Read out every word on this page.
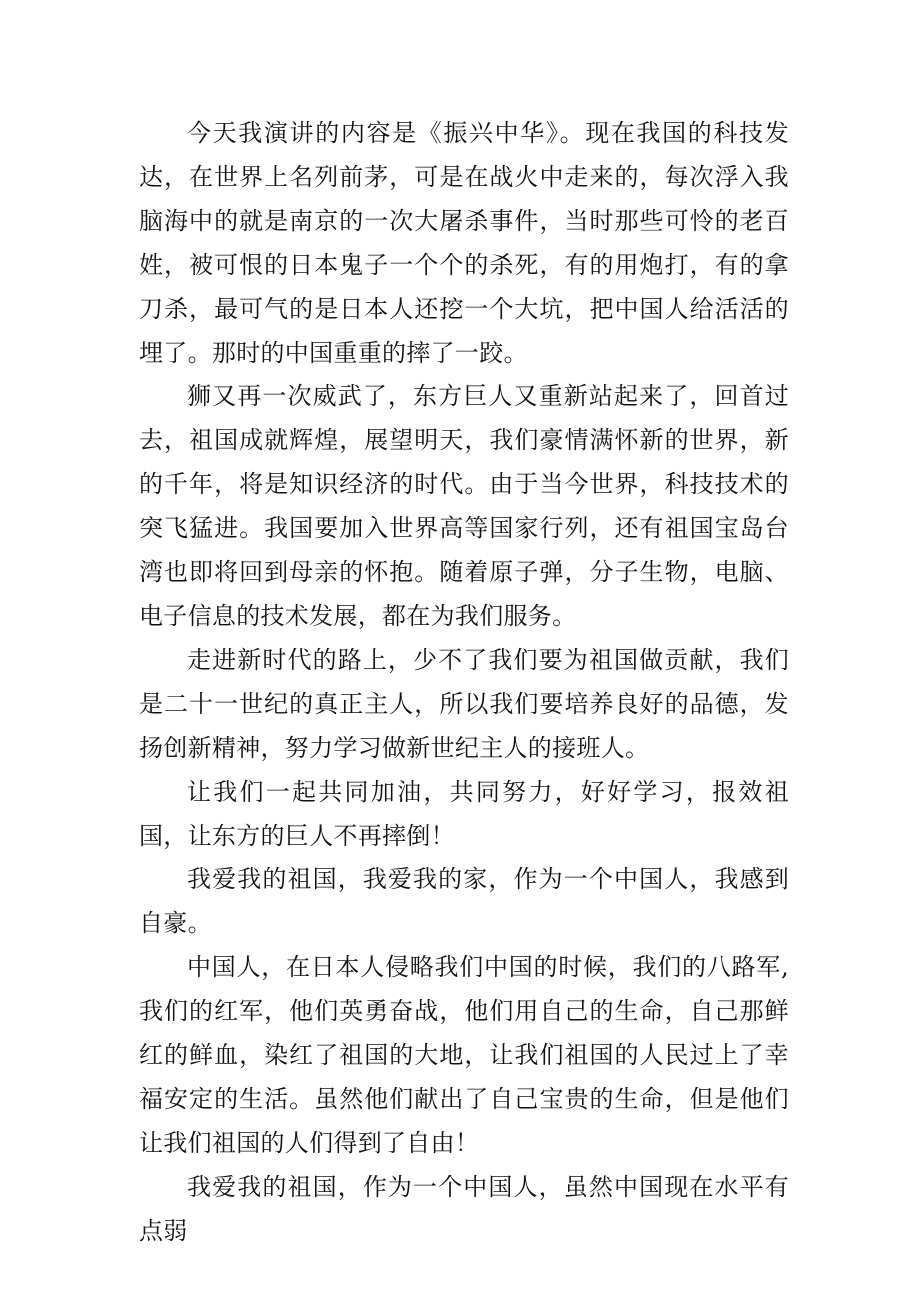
今天我演讲的内容是《振兴中华》。现在我国的科技发达，在世界上名列前茅，可是在战火中走来的，每次浮入我脑海中的就是南京的一次大屠杀事件，当时那些可怜的老百姓，被可恨的日本鬼子一个个的杀死，有的用炮打，有的拿刀杀，最可气的是日本人还挖一个大坑，把中国人给活活的埋了。那时的中国重重的摔了一跤。

狮又再一次威武了，东方巨人又重新站起来了，回首过去，祖国成就辉煌，展望明天，我们豪情满怀新的世界，新的千年，将是知识经济的时代。由于当今世界，科技技术的突飞猛进。我国要加入世界高等国家行列，还有祖国宝岛台湾也即将回到母亲的怀抱。随着原子弹，分子生物，电脑、电子信息的技术发展，都在为我们服务。

走进新时代的路上，少不了我们要为祖国做贡献，我们是二十一世纪的真正主人，所以我们要培养良好的品德，发扬创新精神，努力学习做新世纪主人的接班人。

让我们一起共同加油，共同努力，好好学习，报效祖国，让东方的巨人不再摔倒！

我爱我的祖国，我爱我的家，作为一个中国人，我感到自豪。

中国人，在日本人侵略我们中国的时候，我们的八路军,我们的红军，他们英勇奋战，他们用自己的生命，自己那鲜红的鲜血，染红了祖国的大地，让我们祖国的人民过上了幸福安定的生活。虽然他们献出了自己宝贵的生命，但是他们让我们祖国的人们得到了自由！

我爱我的祖国，作为一个中国人，虽然中国现在水平有点弱
